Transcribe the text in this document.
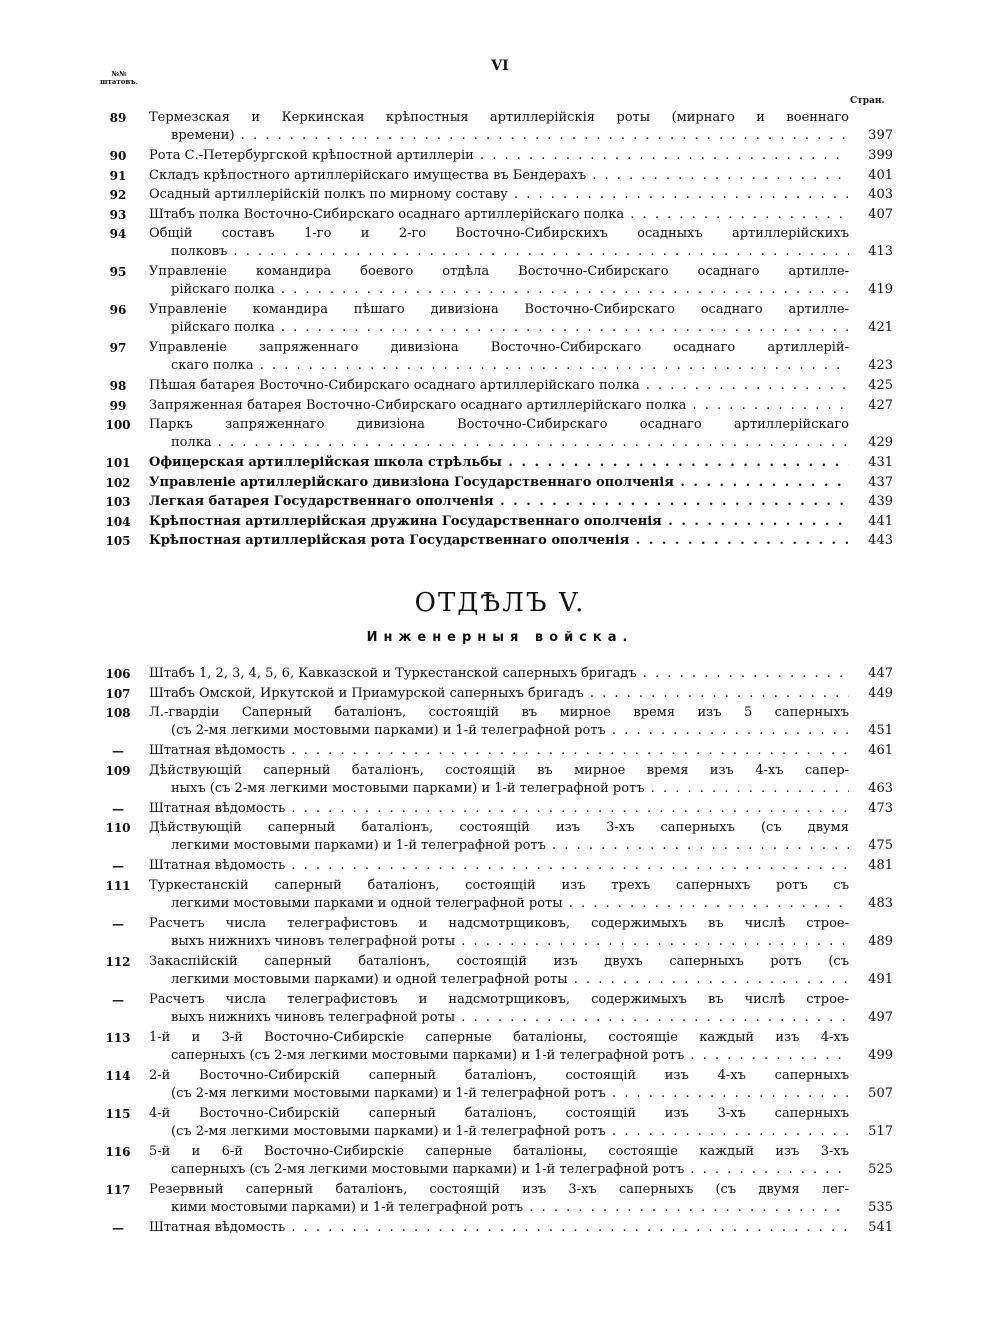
VI
№№
штатовъ.
Стран.
89	Термезская и Керкинская крѣпостныя артиллерійскія роты (мирнаго и военнаго
времени) . . .	397
90	Рота С.-Петербургской крѣпостной артиллеріи . . .	399
91	Складъ крѣпостного артиллерійскаго имущества въ Бендерахъ . . .	401
92	Осадный артиллерійскій полкъ по мирному составу . . .	403
93	Штабъ полка Восточно-Сибирскаго осаднаго артиллерійскаго полка . . .	407
94	Общій составъ 1-го и 2-го Восточно-Сибирскихъ осадныхъ артиллерійскихъ
полковъ . . .	413
95	Управленіе командира боевого отдѣла Восточно-Сибирскаго осаднаго артилле-
рійскаго полка . . .	419
96	Управленіе командира пѣшаго дивизіона Восточно-Сибирскаго осаднаго артилле-
рійскаго полка . . .	421
97	Управленіе запряженнаго дивизіона Восточно-Сибирскаго осаднаго артиллерій-
скаго полка . . .	423
98	Пѣшая батарея Восточно-Сибирскаго осаднаго артиллерійскаго полка . . .	425
99	Запряженная батарея Восточно-Сибирскаго осаднаго артиллерійскаго полка . . .	427
100	Паркъ запряженнаго дивизіона Восточно-Сибирскаго осаднаго артиллерійскаго
полка . . .	429
101	Офицерская артиллерійская школа стрѣльбы . . .	431
102	Управленіе артиллерійскаго дивизіона Государственнаго ополченія . . .	437
103	Легкая батарея Государственнаго ополченія . . .	439
104	Крѣпостная артиллерійская дружина Государственнаго ополченія . . .	441
105	Крѣпостная артиллерійская рота Государственнаго ополченія . . .	443
106	Штабъ 1, 2, 3, 4, 5, 6, Кавказской и Туркестанской саперныхъ бригадъ . . .	447
107	Штабъ Омской, Иркутской и Приамурской саперныхъ бригадъ . . .	449
108	Л.-гвардіи Саперный баталіонъ, состоящій въ мирное время изъ 5 саперныхъ
(съ 2-мя легкими мостовыми парками) и 1-й телеграфной ротъ . . .	451
—	Штатная вѣдомость . . .	461
109	Дѣйствующій саперный баталіонъ, состоящій въ мирное время изъ 4-хъ сапер-
ныхъ (съ 2-мя легкими мостовыми парками) и 1-й телеграфной ротъ . . .	463
—	Штатная вѣдомость . . .	473
110	Дѣйствующій саперный баталіонъ, состоящій изъ 3-хъ саперныхъ (съ двумя
легкими мостовыми парками) и 1-й телеграфной ротъ . . .	475
—	Штатная вѣдомость . . .	481
111	Туркестанскій саперный баталіонъ, состоящій изъ трехъ саперныхъ ротъ съ
легкими мостовыми парками и одной телеграфной роты . . .	483
—	Расчетъ числа телеграфистовъ и надсмотрщиковъ, содержимыхъ въ числѣ строе-
выхъ нижнихъ чиновъ телеграфной роты . . .	489
112	Закаспійскій саперный баталіонъ, состоящій изъ двухъ саперныхъ ротъ (съ
легкими мостовыми парками) и одной телеграфной роты . . .	491
—	Расчетъ числа телеграфистовъ и надсмотрщиковъ, содержимыхъ въ числѣ строе-
выхъ нижнихъ чиновъ телеграфной роты . . .	497
113	1-й и 3-й Восточно-Сибирскіе саперные баталіоны, состоящіе каждый изъ 4-хъ
саперныхъ (съ 2-мя легкими мостовыми парками) и 1-й телеграфной ротъ . . .	499
114	2-й Восточно-Сибирскій саперный баталіонъ, состоящій изъ 4-хъ саперныхъ
(съ 2-мя легкими мостовыми парками) и 1-й телеграфной ротъ . . .	507
115	4-й Восточно-Сибирскій саперный баталіонъ, состоящій изъ 3-хъ саперныхъ
(съ 2-мя легкими мостовыми парками) и 1-й телеграфной ротъ . . .	517
116	5-й и 6-й Восточно-Сибирскіе саперные баталіоны, состоящіе каждый изъ 3-хъ
саперныхъ (съ 2-мя легкими мостовыми парками) и 1-й телеграфной ротъ . . .	525
117	Резервный саперный баталіонъ, состоящій изъ 3-хъ саперныхъ (съ двумя лег-
кими мостовыми парками) и 1-й телеграфной ротъ . . .	535
—	Штатная вѣдомость . . .	541
ОТДѢЛЪ V.
Инженерныя войска.
